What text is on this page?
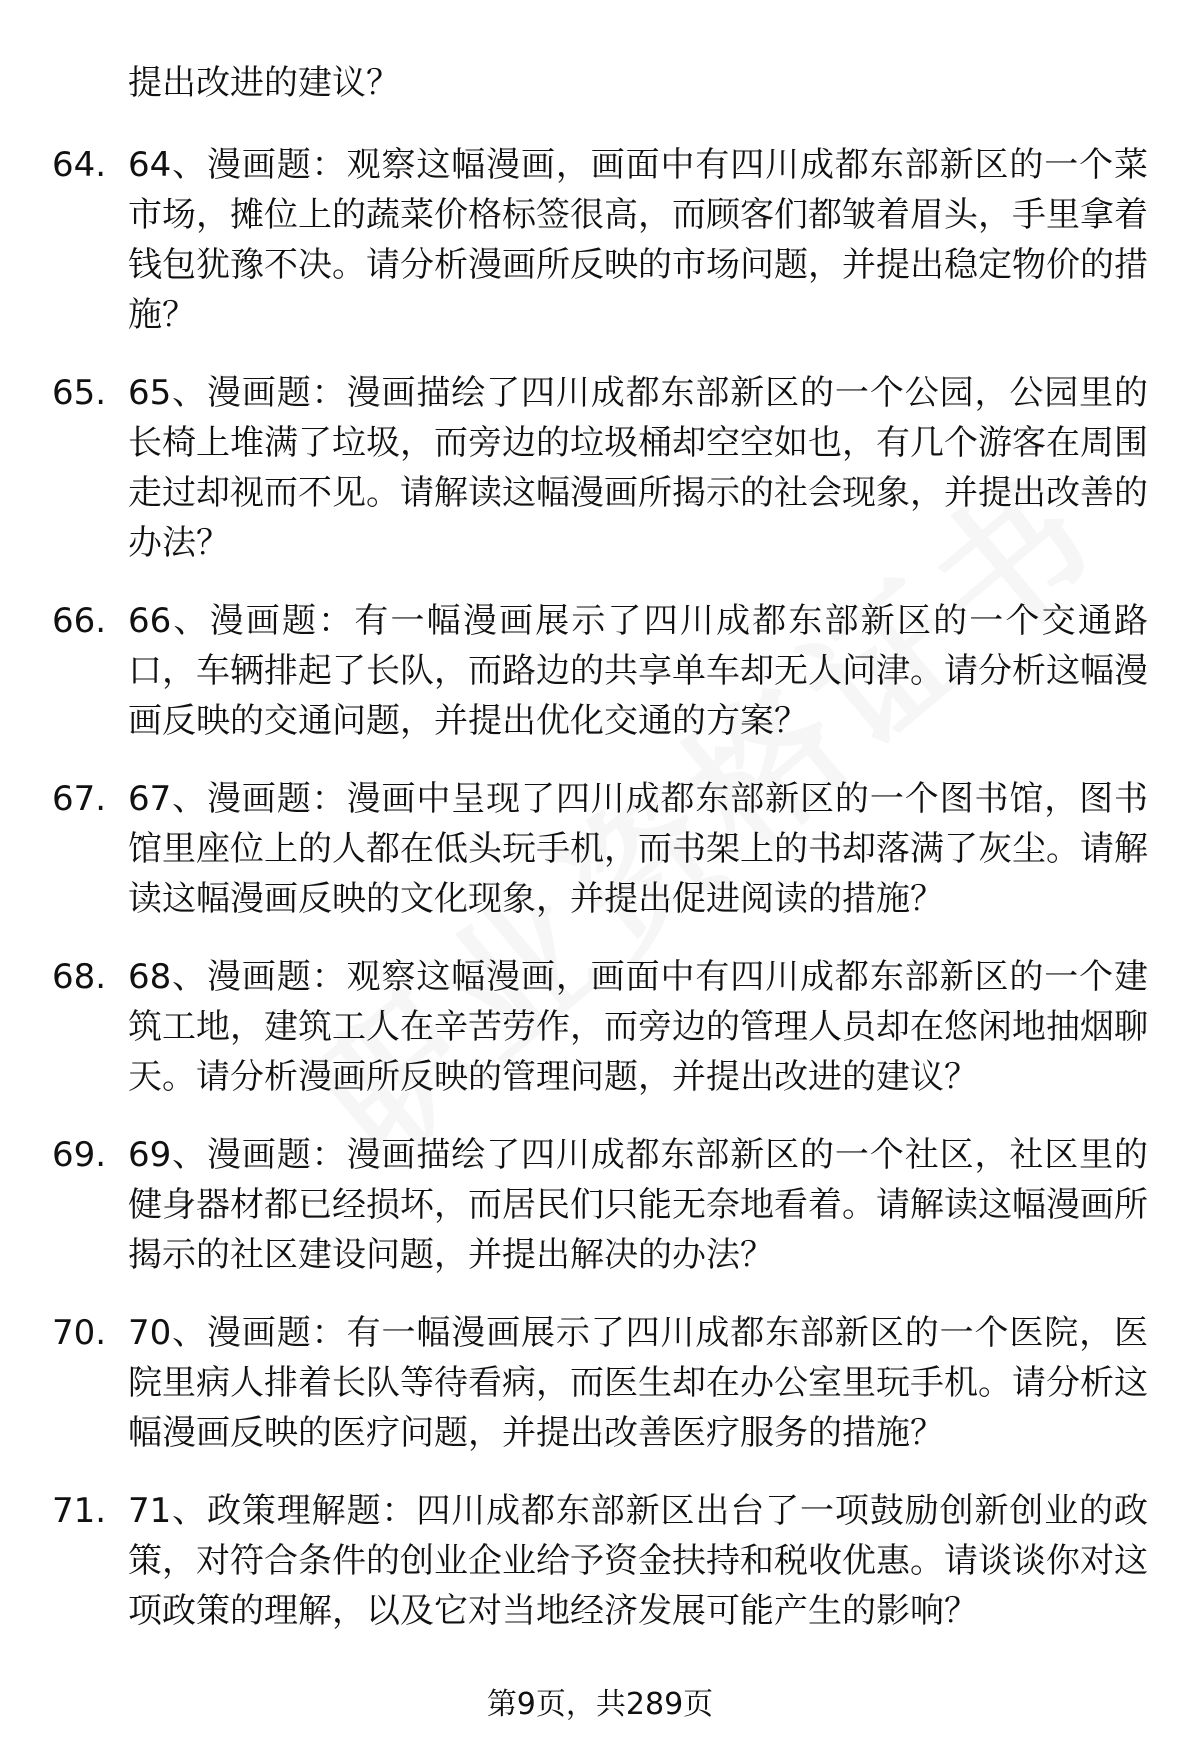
提出改进的建议？
64. 64、漫画题：观察这幅漫画，画面中有四川成都东部新区的一个菜市场，摊位上的蔬菜价格标签很高，而顾客们都皱着眉头，手里拿着钱包犹豫不决。请分析漫画所反映的市场问题，并提出稳定物价的措施？
65. 65、漫画题：漫画描绘了四川成都东部新区的一个公园，公园里的长椅上堆满了垃圾，而旁边的垃圾桶却空空如也，有几个游客在周围走过却视而不见。请解读这幅漫画所揭示的社会现象，并提出改善的办法？
66. 66、漫画题：有一幅漫画展示了四川成都东部新区的一个交通路口，车辆排起了长队，而路边的共享单车却无人问津。请分析这幅漫画反映的交通问题，并提出优化交通的方案？
67. 67、漫画题：漫画中呈现了四川成都东部新区的一个图书馆，图书馆里座位上的人都在低头玩手机，而书架上的书却落满了灰尘。请解读这幅漫画反映的文化现象，并提出促进阅读的措施？
68. 68、漫画题：观察这幅漫画，画面中有四川成都东部新区的一个建筑工地，建筑工人在辛苦劳作，而旁边的管理人员却在悠闲地抽烟聊天。请分析漫画所反映的管理问题，并提出改进的建议？
69. 69、漫画题：漫画描绘了四川成都东部新区的一个社区，社区里的健身器材都已经损坏，而居民们只能无奈地看着。请解读这幅漫画所揭示的社区建设问题，并提出解决的办法？
70. 70、漫画题：有一幅漫画展示了四川成都东部新区的一个医院，医院里病人排着长队等待看病，而医生却在办公室里玩手机。请分析这幅漫画反映的医疗问题，并提出改善医疗服务的措施？
71. 71、政策理解题：四川成都东部新区出台了一项鼓励创新创业的政策，对符合条件的创业企业给予资金扶持和税收优惠。请谈谈你对这项政策的理解，以及它对当地经济发展可能产生的影响？
第9页，共289页
